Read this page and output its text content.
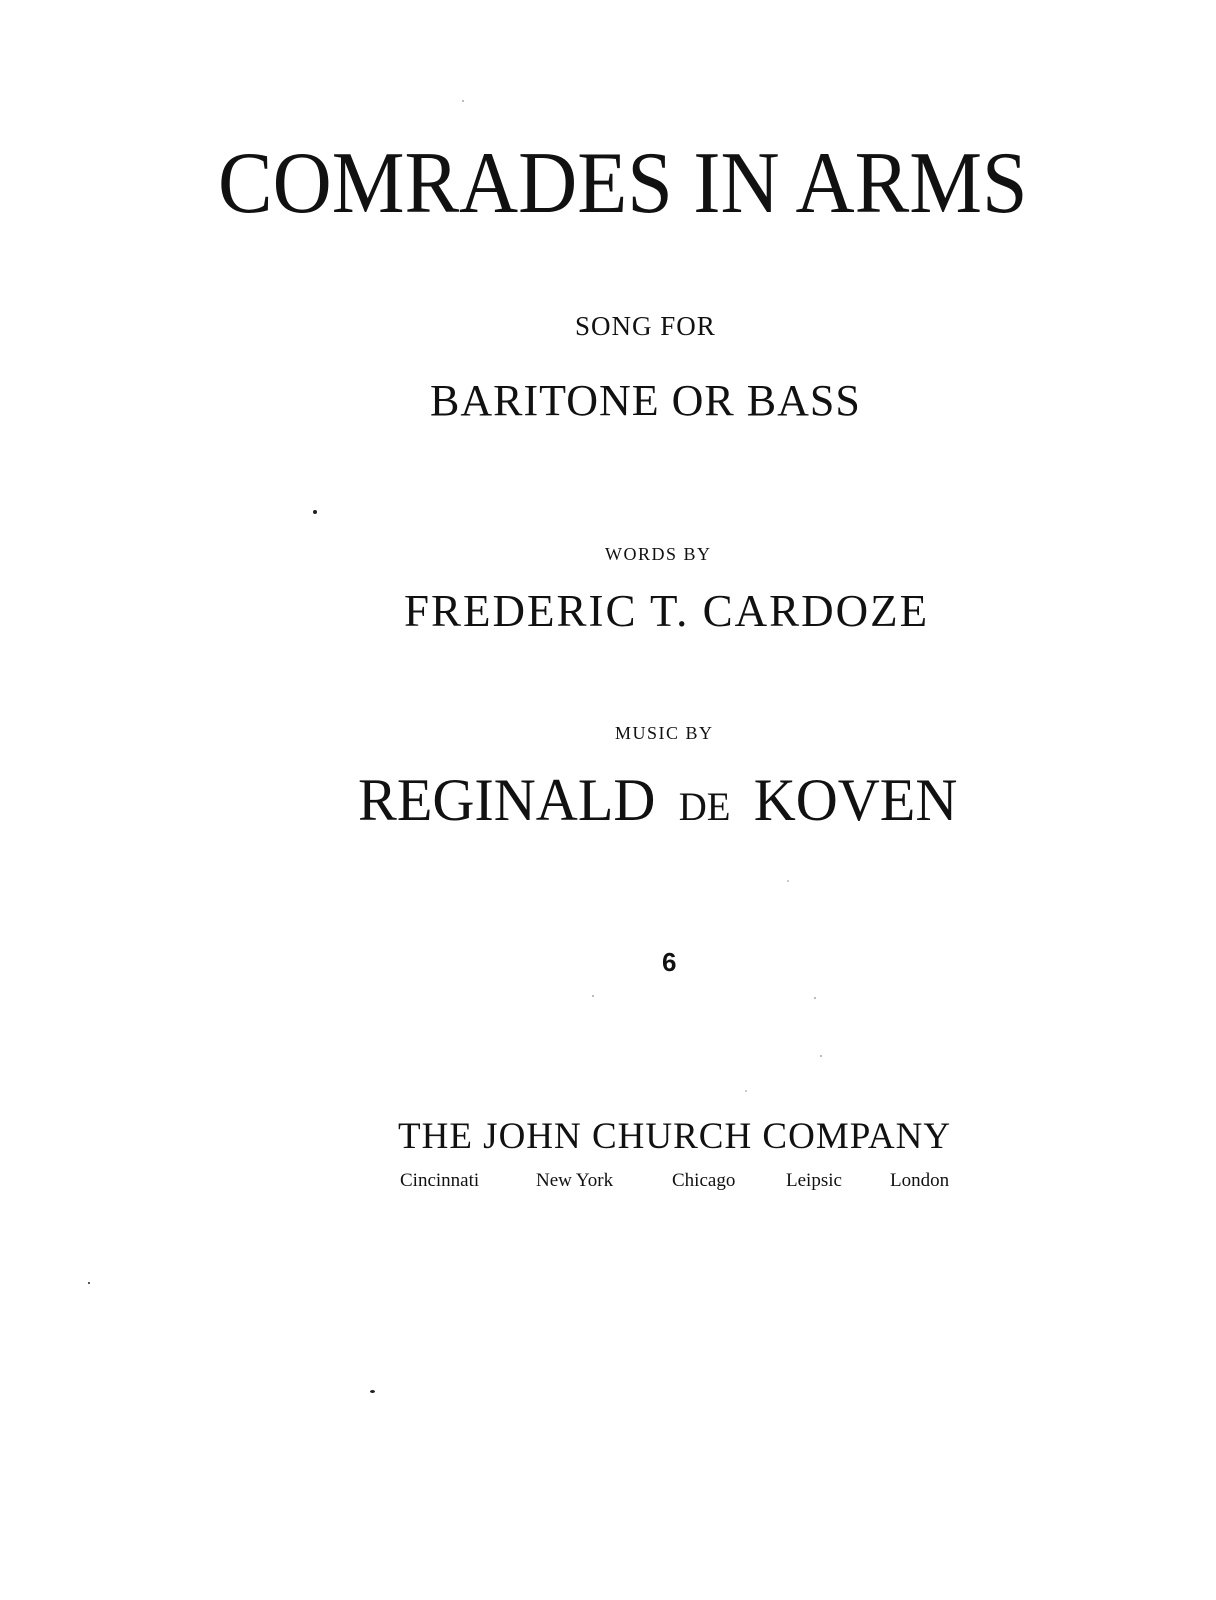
COMRADES IN ARMS
SONG FOR
BARITONE OR BASS
WORDS BY
FREDERIC T. CARDOZE
MUSIC BY
REGINALD DE KOVEN
6
THE JOHN CHURCH COMPANY
Cincinnati	New York	Chicago	Leipsic	London
